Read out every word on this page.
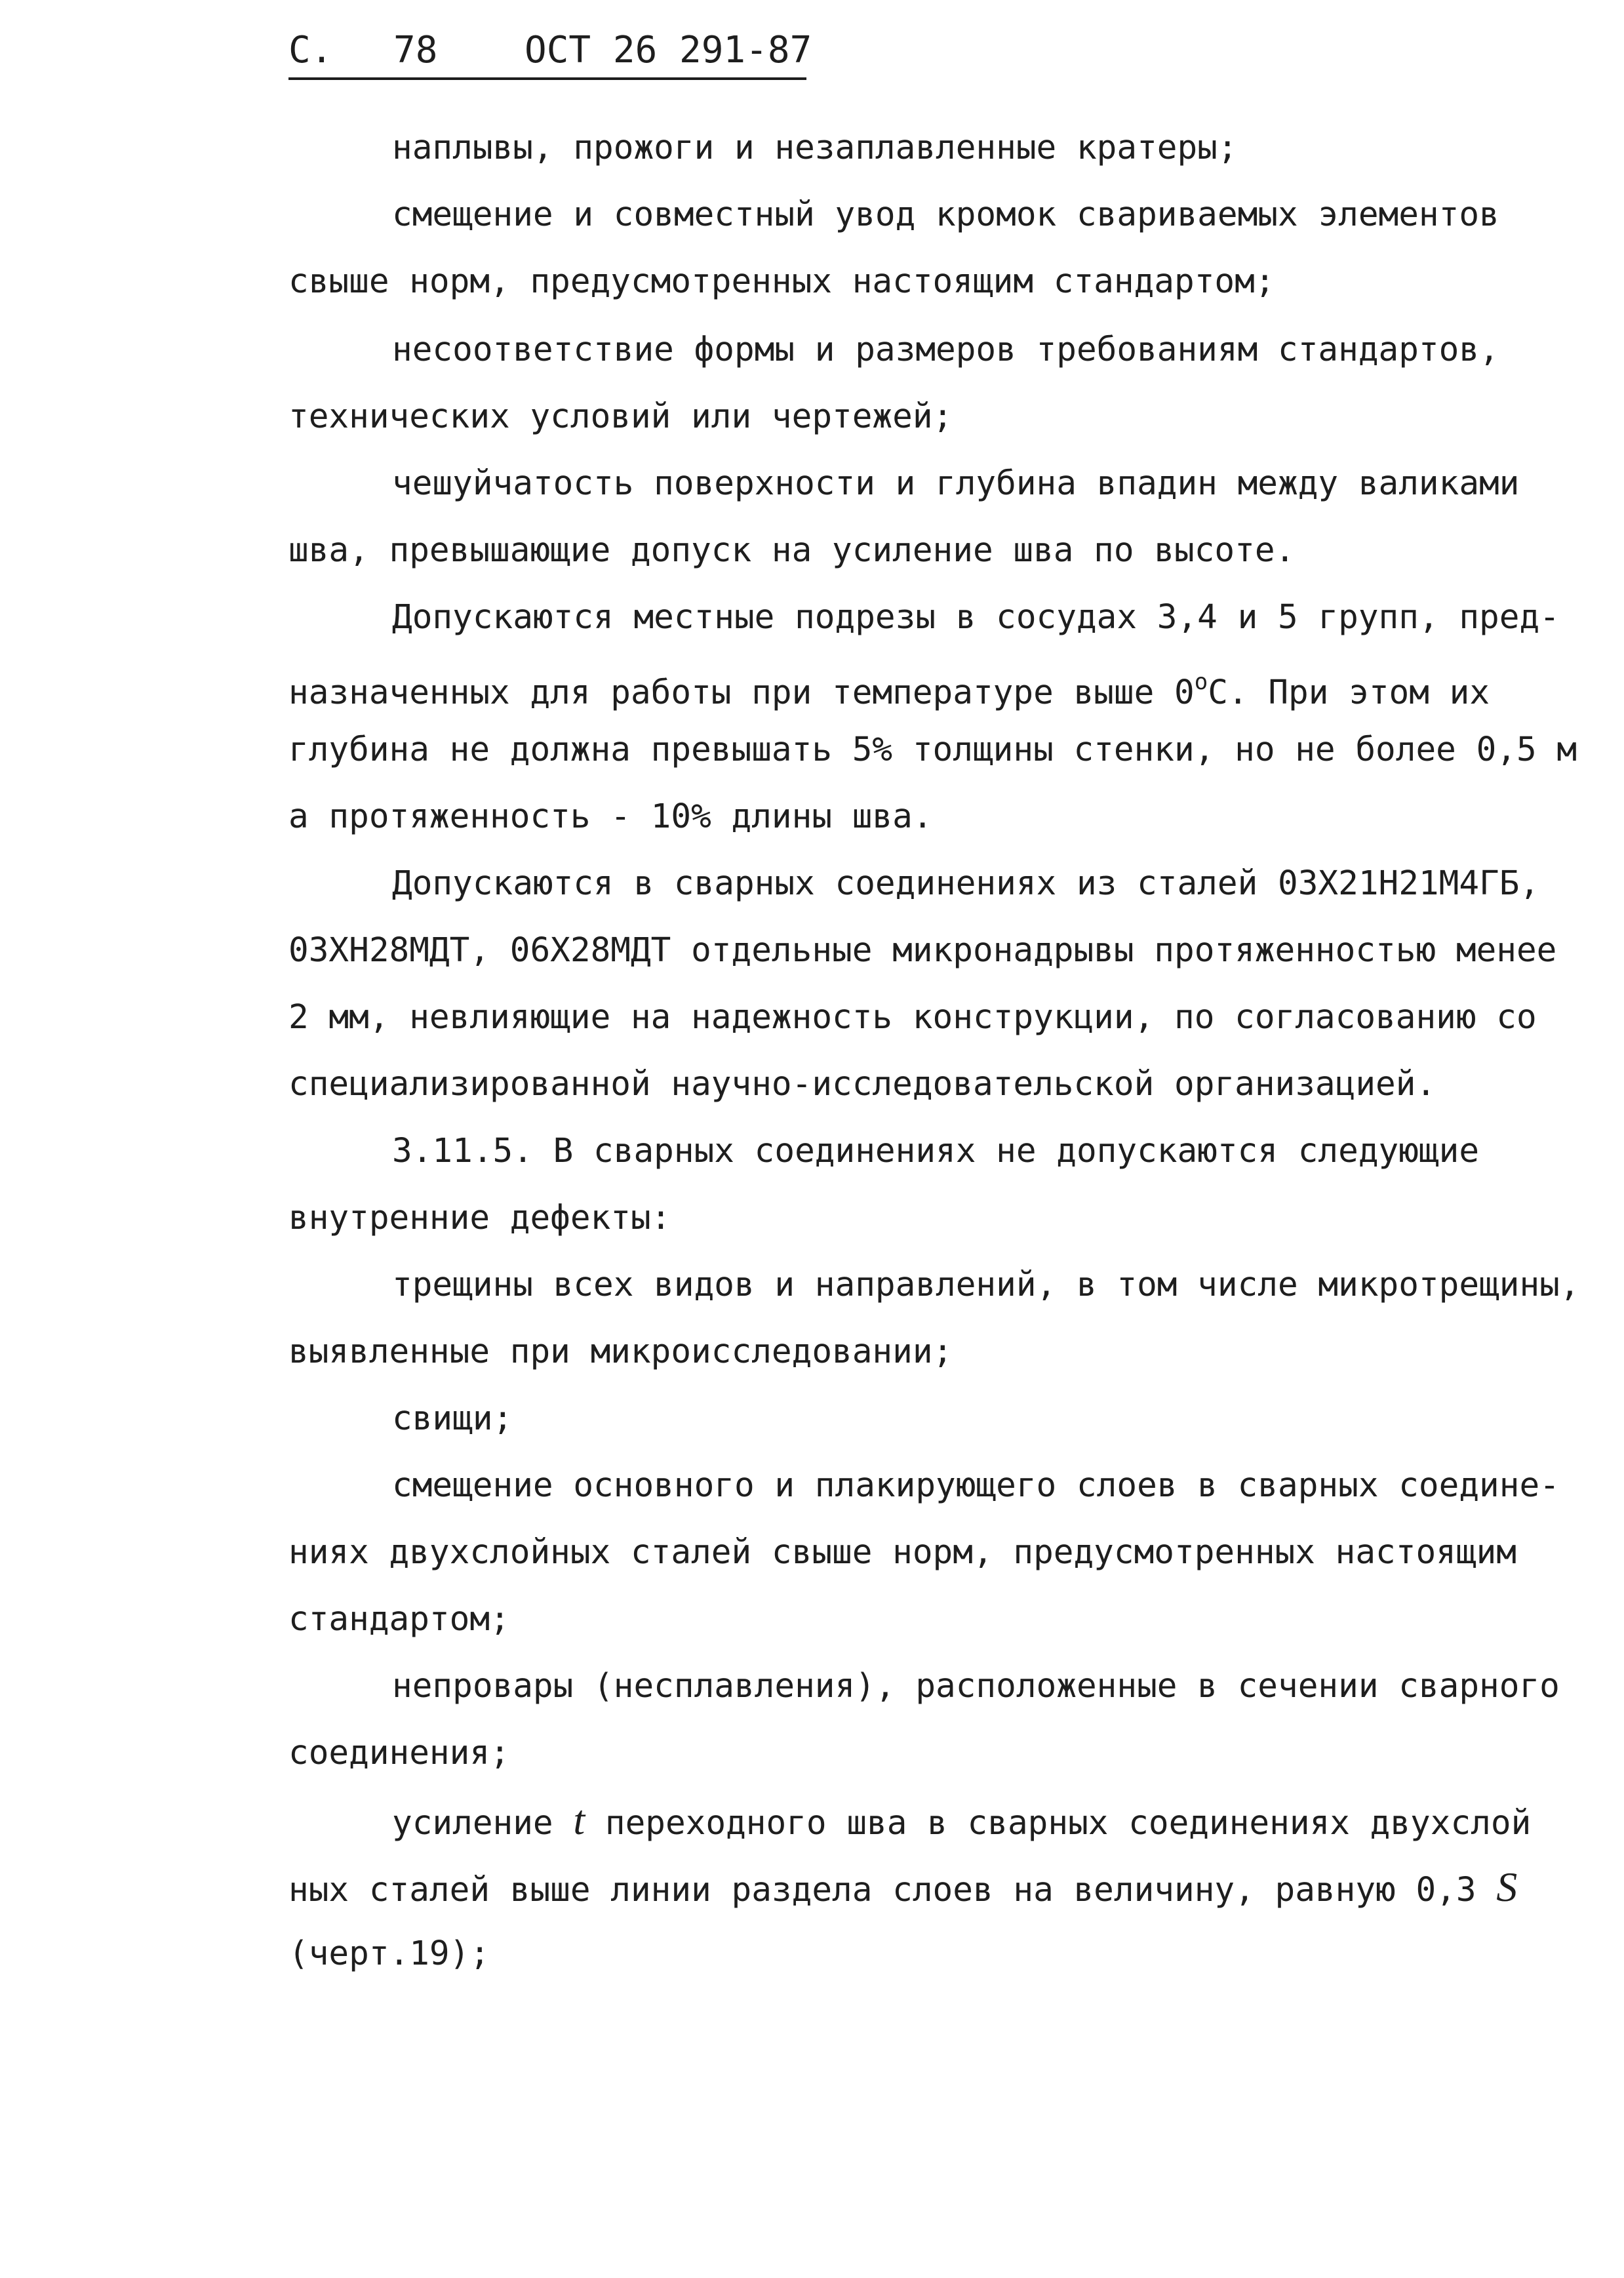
С. 78 ОСТ 26 291-87
наплывы, прожоги и незаплавленные кратеры;
смещение и совместный увод кромок свариваемых элементов
свыше норм, предусмотренных настоящим стандартом;
несоответствие формы и размеров требованиям стандартов,
технических условий или чертежей;
чешуйчатость поверхности и глубина впадин между валиками
шва, превышающие допуск на усиление шва по высоте.
Допускаются местные подрезы в сосудах 3,4 и 5 групп, пред-
назначенных для работы при температуре выше $0^оС$. При этом их
глубина не должна превышать 5% толщины стенки, но не более 0,5 м
а протяженность - 10% длины шва.
Допускаются в сварных соединениях из сталей 03Х21Н21М4ГБ,
03ХН28МДТ, 06Х28МДТ отдельные микронадрывы протяженностью менее
2 мм, невлияющие на надежность конструкции, по согласованию со
специализированной научно-исследовательской организацией.
3.11.5. В сварных соединениях не допускаются следующие
внутренние дефекты:
трещины всех видов и направлений, в том числе микротрещины,
выявленные при микроисследовании;
свищи;
смещение основного и плакирующего слоев в сварных соедине-
ниях двухслойных сталей свыше норм, предусмотренных настоящим
стандартом;
непровары (несплавления), расположенные в сечении сварного
соединения;
усиление t переходного шва в сварных соединениях двухслой
ных сталей выше линии раздела слоев на величину, равную 0,3 S
(черт.19);
